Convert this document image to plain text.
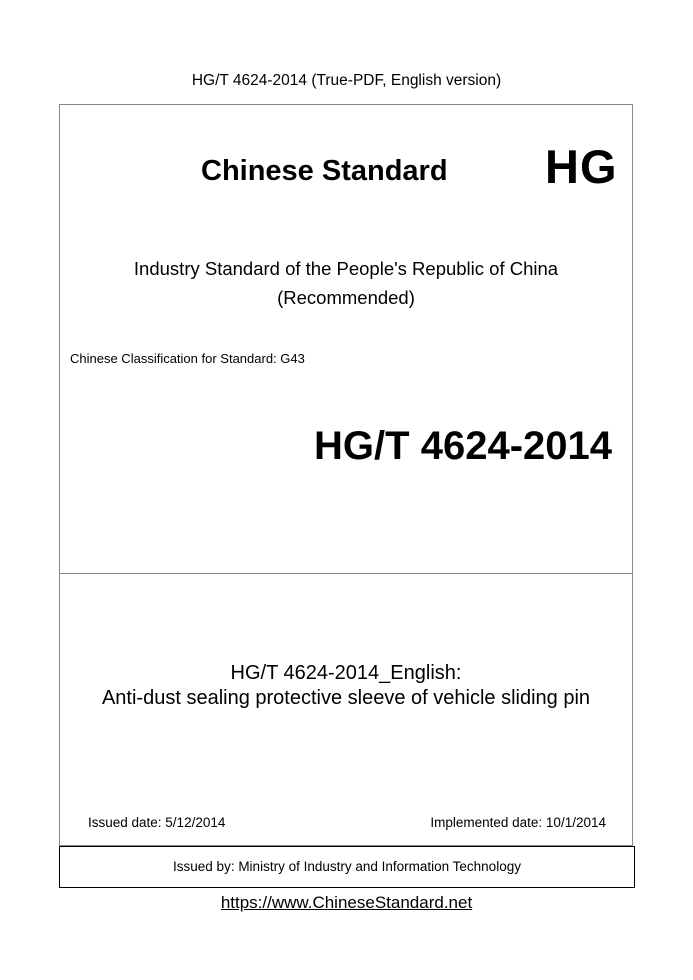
HG/T 4624-2014 (True-PDF, English version)
Chinese Standard HG
Industry Standard of the People's Republic of China
(Recommended)
Chinese Classification for Standard: G43
HG/T 4624-2014
HG/T 4624-2014_English:
Anti-dust sealing protective sleeve of vehicle sliding pin
Issued date: 5/12/2014	Implemented date: 10/1/2014
Issued by: Ministry of Industry and Information Technology
https://www.ChineseStandard.net
